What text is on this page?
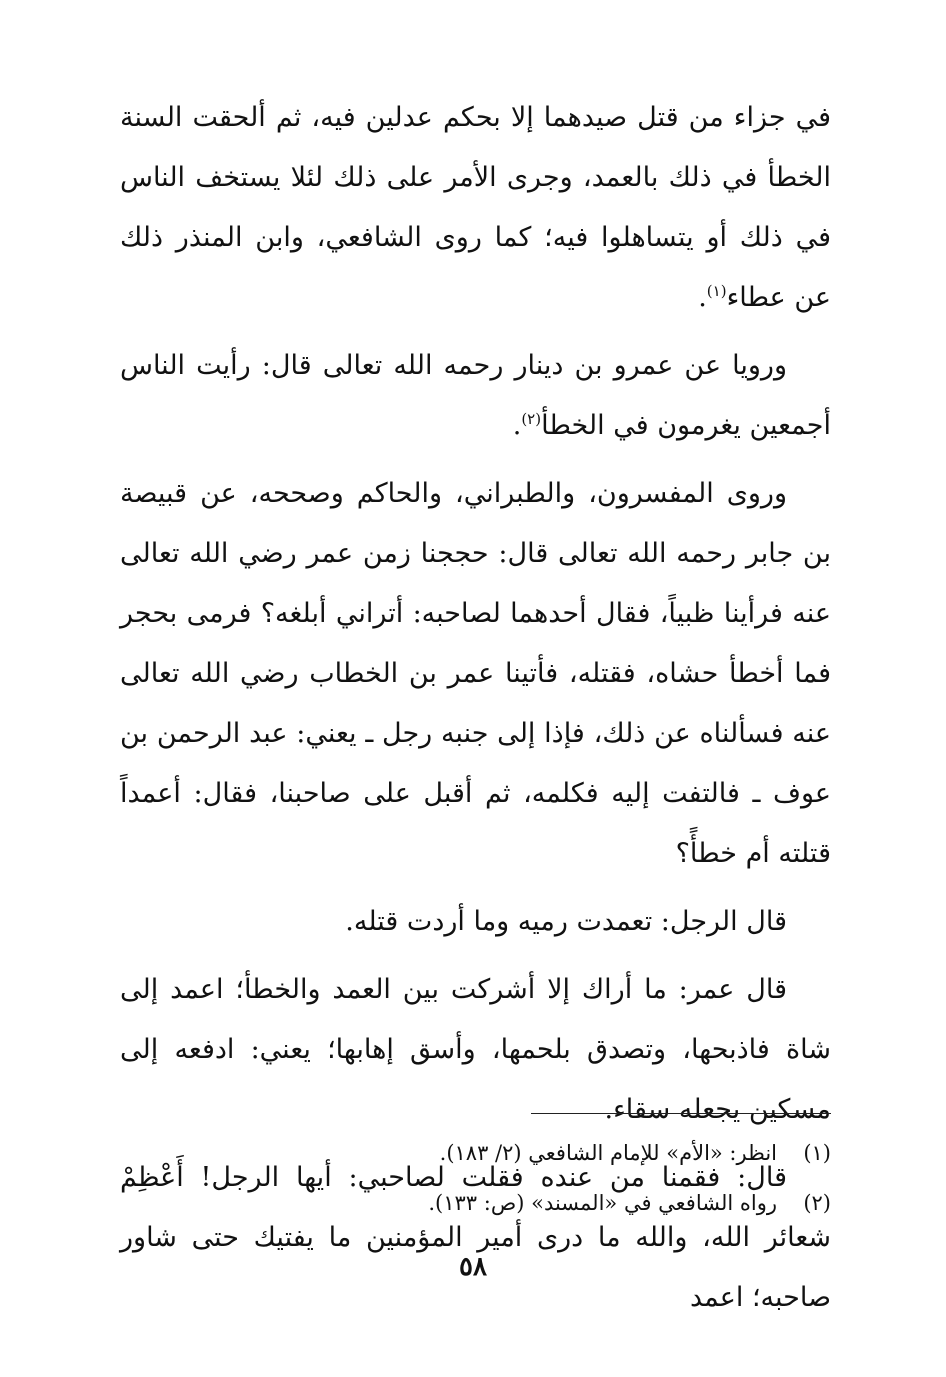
في جزاء من قتل صيدهما إلا بحكم عدلين فيه، ثم ألحقت السنة الخطأ في ذلك بالعمد، وجرى الأمر على ذلك لئلا يستخف الناس في ذلك أو يتساهلوا فيه؛ كما روى الشافعي، وابن المنذر ذلك عن عطاء$^{(١)}$.

ورويا عن عمرو بن دينار رحمه الله تعالى قال: رأيت الناس أجمعين يغرمون في الخطأ$^{(٢)}$.

وروى المفسرون، والطبراني، والحاكم وصححه، عن قبيصة بن جابر رحمه الله تعالى قال: حججنا زمن عمر رضي الله تعالى عنه فرأينا ظبياً، فقال أحدهما لصاحبه: أتراني أبلغه؟ فرمى بحجر فما أخطأ حشاه، فقتله، فأتينا عمر بن الخطاب رضي الله تعالى عنه فسألناه عن ذلك، فإذا إلى جنبه رجل ـ يعني: عبد الرحمن بن عوف ـ فالتفت إليه فكلمه، ثم أقبل على صاحبنا، فقال: أعمداً قتلته أم خطأً؟

قال الرجل: تعمدت رميه وما أردت قتله.

قال عمر: ما أراك إلا أشركت بين العمد والخطأ؛ اعمد إلى شاة فاذبحها، وتصدق بلحمها، وأسق إهابها؛ يعني: ادفعه إلى مسكين يجعله سقاء.

قال: فقمنا من عنده فقلت لصاحبي: أيها الرجل! أَعْظِمْ شعائر الله، والله ما درى أمير المؤمنين ما يفتيك حتى شاور صاحبه؛ اعمد

(١)
انظر: «الأم» للإمام الشافعي (٢/ ١٨٣).
(٢)
رواه الشافعي في «المسند» (ص: ١٣٣).
٥٨
